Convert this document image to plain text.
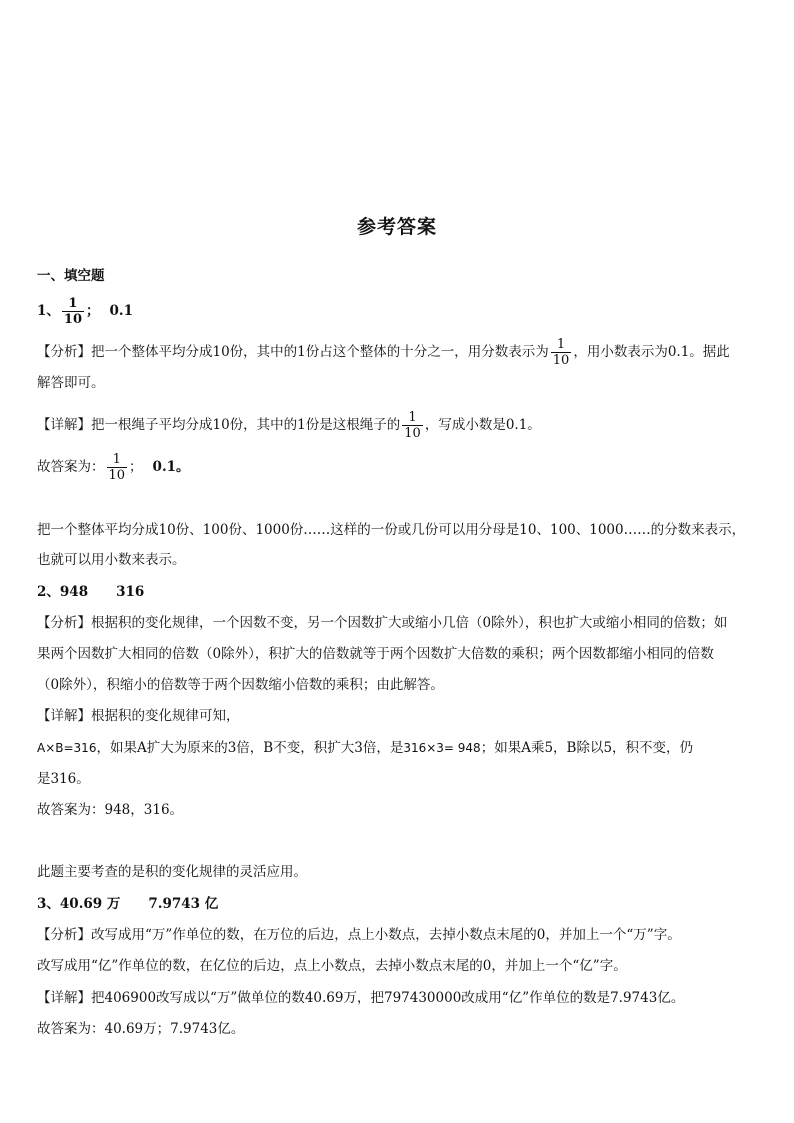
参考答案
一、填空题
1、 $\frac{1}{10}$ ； 0.1
【分析】把一个整体平均分成10份，其中的1份占这个整体的十分之一，用分数表示为 $\frac{1}{10}$ ，用小数表示为0.1。据此
解答即可。
【详解】把一根绳子平均分成10份，其中的1份是这根绳子的 $\frac{1}{10}$ ，写成小数是0.1。
故答案为： $\frac{1}{10}$ ； 0.1。
把一个整体平均分成10份、100份、1000份……这样的一份或几份可以用分母是10、100、1000……的分数来表示，
也就可以用小数来表示。
2、948 316
【分析】根据积的变化规律，一个因数不变，另一个因数扩大或缩小几倍（0除外），积也扩大或缩小相同的倍数；如
果两个因数扩大相同的倍数（0除外），积扩大的倍数就等于两个因数扩大倍数的乘积；两个因数都缩小相同的倍数
（0除外），积缩小的倍数等于两个因数缩小倍数的乘积；由此解答。
【详解】根据积的变化规律可知，
A×B=316，如果A扩大为原来的3倍，B不变，积扩大3倍，是316×3= 948；如果A乘5，B除以5，积不变，仍
是316。
故答案为：948，316。
此题主要考查的是积的变化规律的灵活应用。
3、40.69 万 7.9743 亿
【分析】改写成用“万”作单位的数，在万位的后边，点上小数点，去掉小数点末尾的0，并加上一个“万”字。
改写成用“亿”作单位的数，在亿位的后边，点上小数点，去掉小数点末尾的0，并加上一个“亿”字。
【详解】把406900改写成以“万”做单位的数40.69万，把797430000改成用“亿”作单位的数是7.9743亿。
故答案为：40.69万；7.9743亿。
